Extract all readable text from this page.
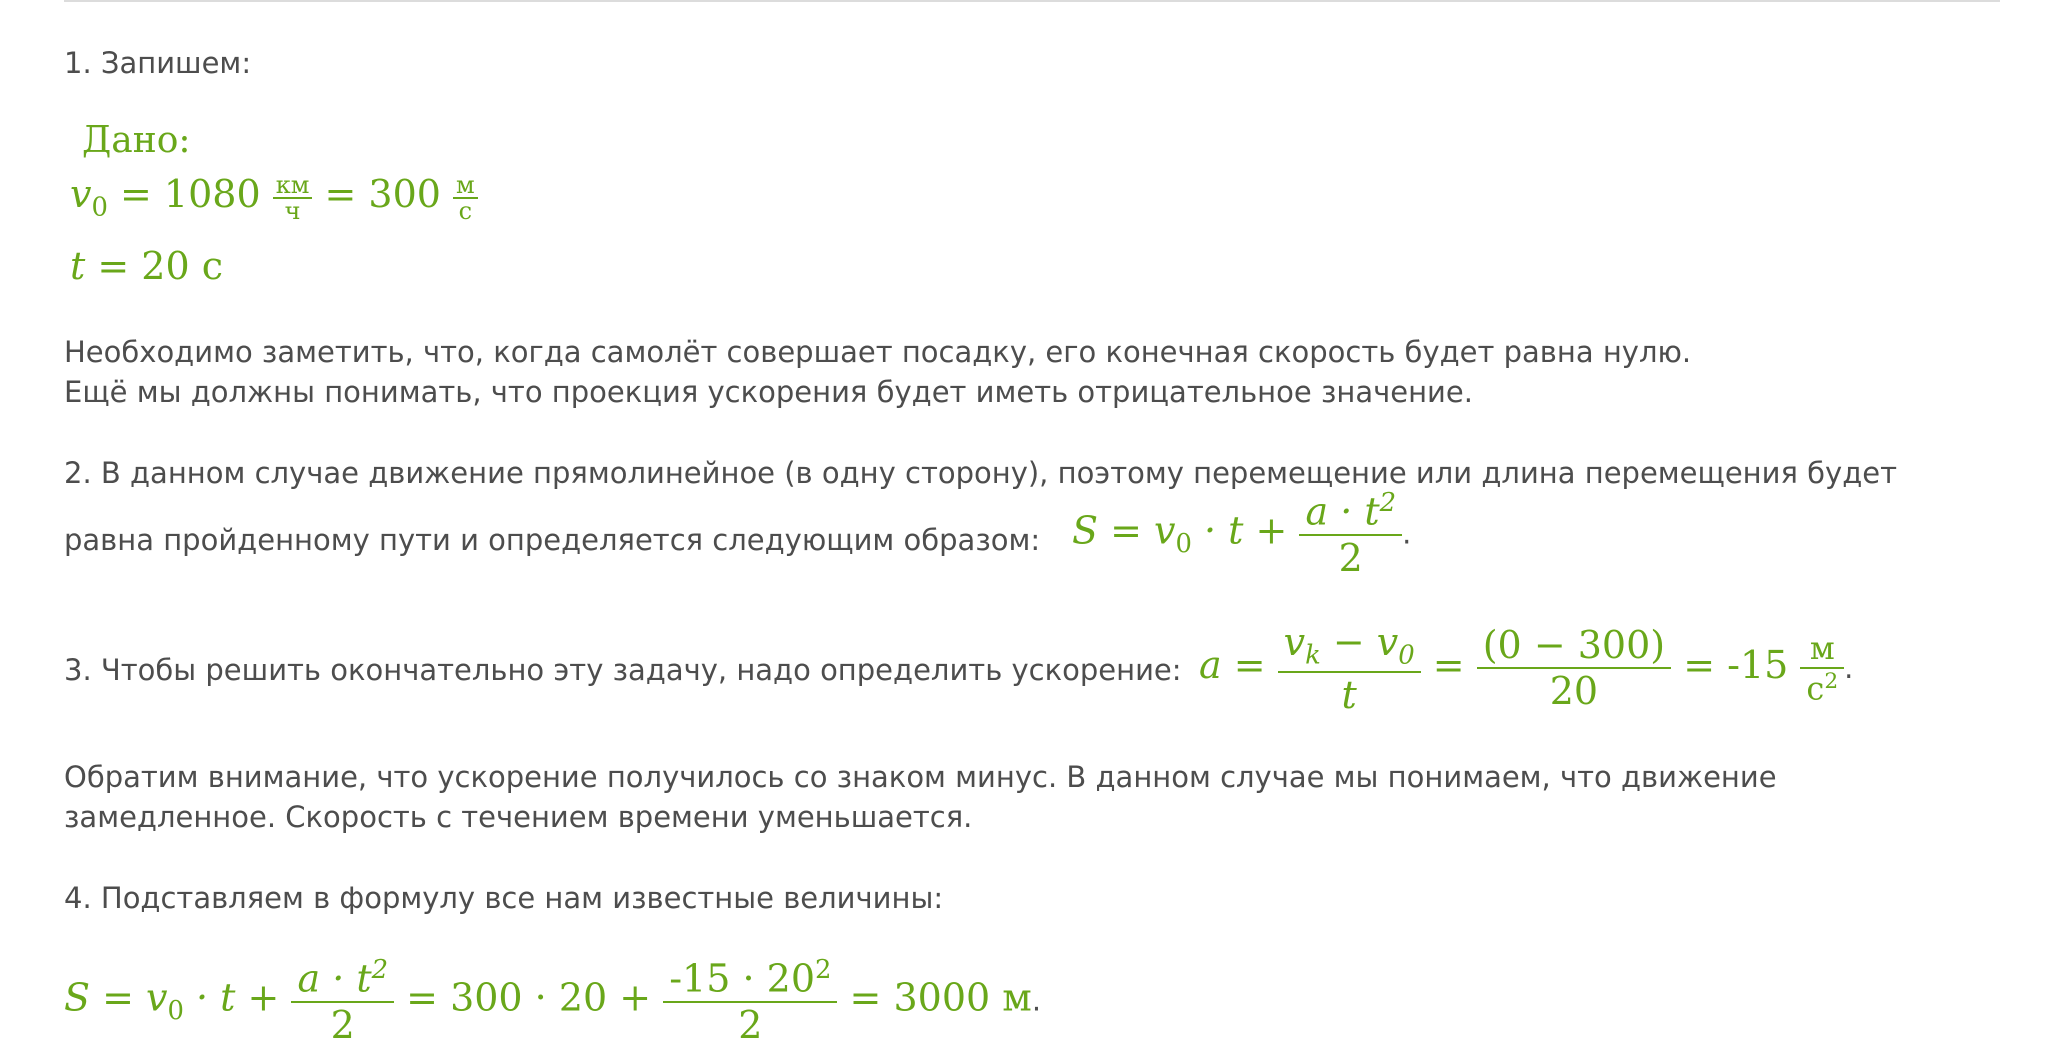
1. Запишем:
Дано:
$v_0 = 1080 \frac{км}{ч} = 300 \frac{м}{с}$
t = 20 с
Необходимо заметить, что, когда самолёт совершает посадку, его конечная скорость будет равна нулю.
Ещё мы должны понимать, что проекция ускорения будет иметь отрицательное значение.
2. В данном случае движение прямолинейное (в одну сторону), поэтому перемещение или длина перемещения будет
равна пройденному пути и определяется следующим образом: $S = v_0 \cdot t + \frac{a \cdot t^2}{2}$ .
3. Чтобы решить окончательно эту задачу, надо определить ускорение: $a = \frac{v_k - v_0}{t} = \frac{(0 - 300)}{20} = -15 \frac{м}{с^2}$ .
Обратим внимание, что ускорение получилось со знаком минус. В данном случае мы понимаем, что движение
замедленное. Скорость с течением времени уменьшается.
4. Подставляем в формулу все нам известные величины:
$S = v_0 \cdot t + \frac{a \cdot t^2}{2} = 300 \cdot 20 + \frac{-15 \cdot 20^2}{2} = 3000$ м.
